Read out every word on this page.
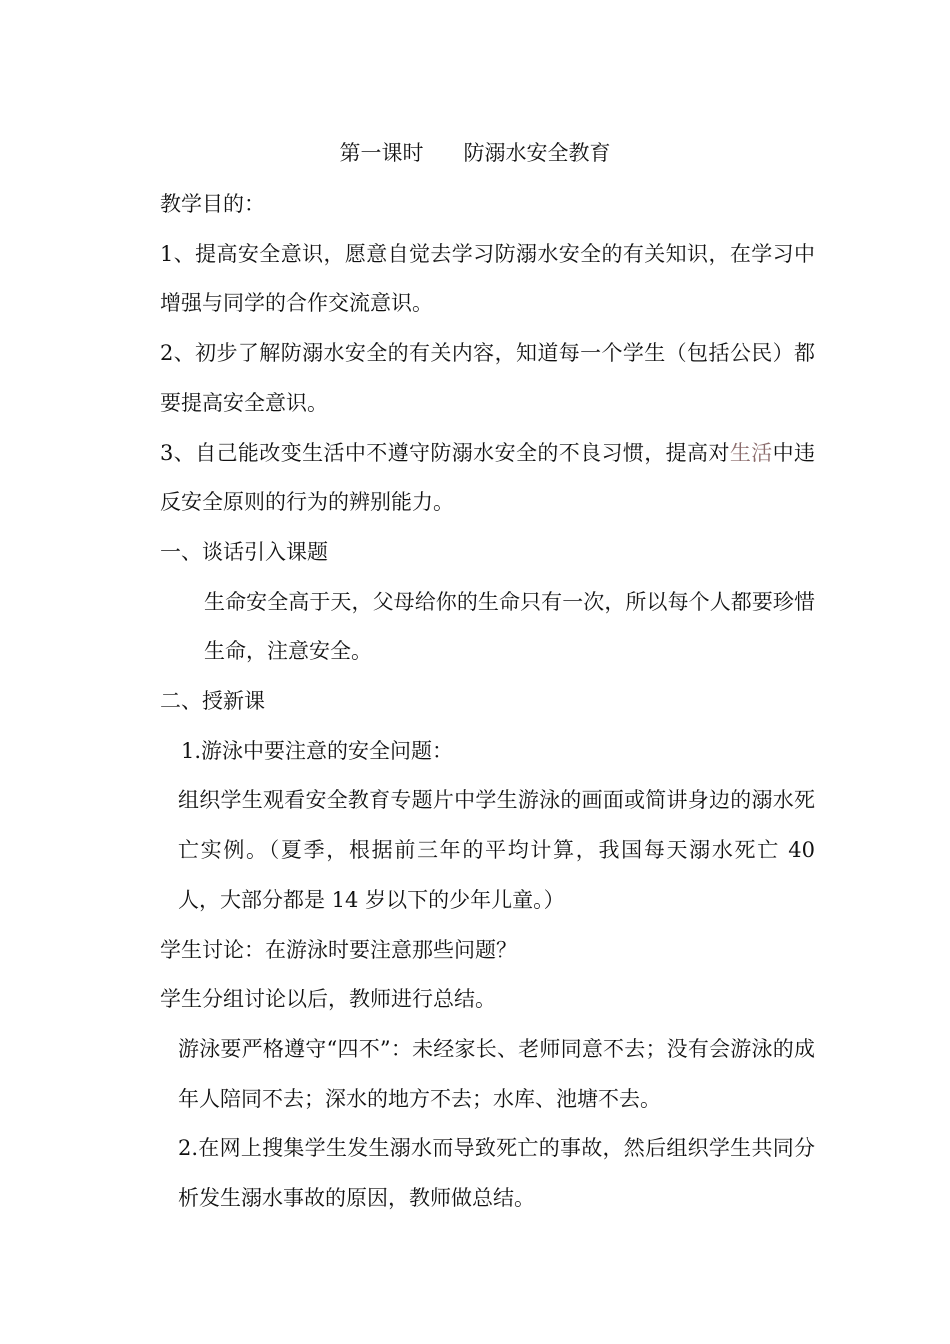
第一课时      防溺水安全教育

教学目的：

1、提高安全意识，愿意自觉去学习防溺水安全的有关知识，在学习中增强与同学的合作交流意识。

2、初步了解防溺水安全的有关内容，知道每一个学生（包括公民）都要提高安全意识。

3、自己能改变生活中不遵守防溺水安全的不良习惯，提高对生活中违反安全原则的行为的辨别能力。

一、谈话引入课题

生命安全高于天，父母给你的生命只有一次，所以每个人都要珍惜生命，注意安全。

二、授新课

1.游泳中要注意的安全问题：

组织学生观看安全教育专题片中学生游泳的画面或简讲身边的溺水死亡实例。（夏季，根据前三年的平均计算，我国每天溺水死亡 40 人，大部分都是 14 岁以下的少年儿童。）

学生讨论：在游泳时要注意那些问题？

学生分组讨论以后，教师进行总结。

游泳要严格遵守“四不”：未经家长、老师同意不去；没有会游泳的成年人陪同不去；深水的地方不去；水库、池塘不去。

2.在网上搜集学生发生溺水而导致死亡的事故，然后组织学生共同分析发生溺水事故的原因，教师做总结。
